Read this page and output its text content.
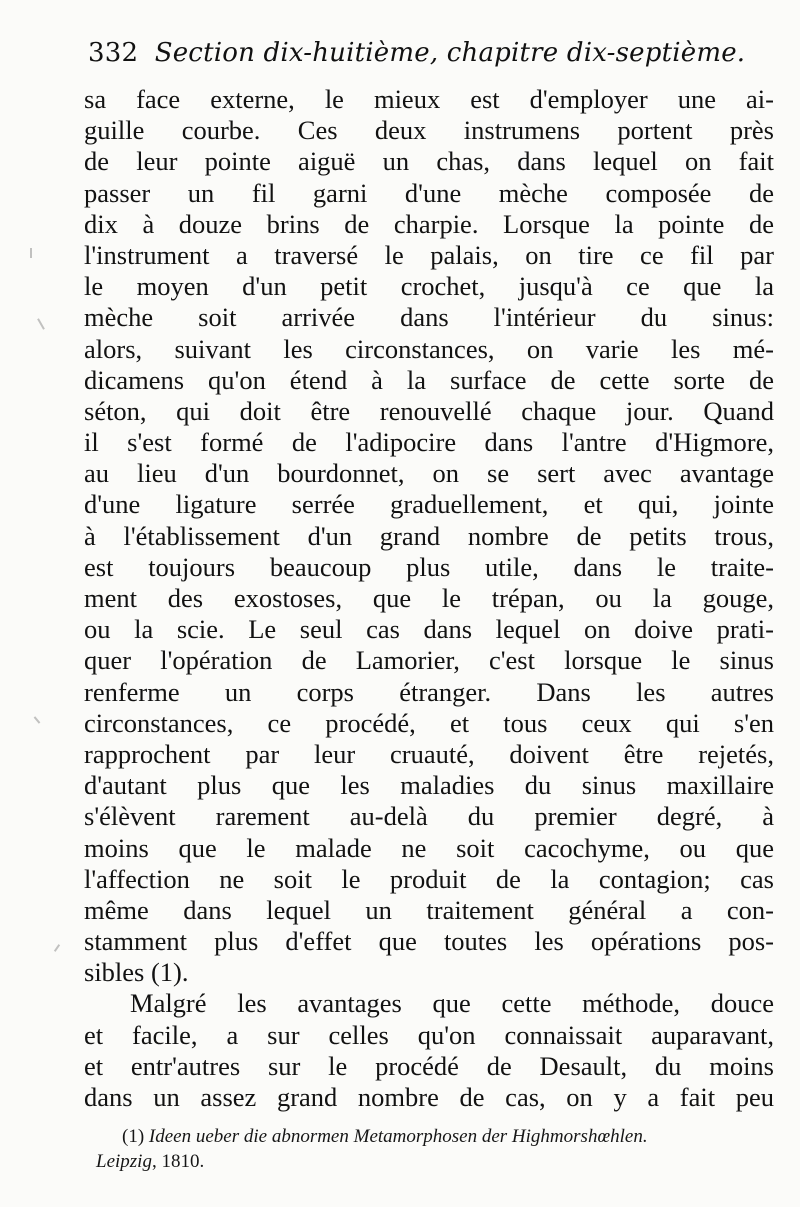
332 Section dix-huitième, chapitre dix-septième.
sa face externe, le mieux est d'employer une ai-
guille courbe. Ces deux instrumens portent près
de leur pointe aiguë un chas, dans lequel on fait
passer un fil garni d'une mèche composée de
dix à douze brins de charpie. Lorsque la pointe de
l'instrument a traversé le palais, on tire ce fil par
le moyen d'un petit crochet, jusqu'à ce que la
mèche soit arrivée dans l'intérieur du sinus:
alors, suivant les circonstances, on varie les mé-
dicamens qu'on étend à la surface de cette sorte de
séton, qui doit être renouvellé chaque jour. Quand
il s'est formé de l'adipocire dans l'antre d'Higmore,
au lieu d'un bourdonnet, on se sert avec avantage
d'une ligature serrée graduellement, et qui, jointe
à l'établissement d'un grand nombre de petits trous,
est toujours beaucoup plus utile, dans le traite-
ment des exostoses, que le trépan, ou la gouge,
ou la scie. Le seul cas dans lequel on doive prati-
quer l'opération de Lamorier, c'est lorsque le sinus
renferme un corps étranger. Dans les autres
circonstances, ce procédé, et tous ceux qui s'en
rapprochent par leur cruauté, doivent être rejetés,
d'autant plus que les maladies du sinus maxillaire
s'élèvent rarement au-delà du premier degré, à
moins que le malade ne soit cacochyme, ou que
l'affection ne soit le produit de la contagion; cas
même dans lequel un traitement général a con-
stamment plus d'effet que toutes les opérations pos-
sibles (1).
Malgré les avantages que cette méthode, douce
et facile, a sur celles qu'on connaissait auparavant,
et entr'autres sur le procédé de Desault, du moins
dans un assez grand nombre de cas, on y a fait peu
(1) Ideen ueber die abnormen Metamorphosen der Highmorshœhlen.
Leipzig, 1810.
